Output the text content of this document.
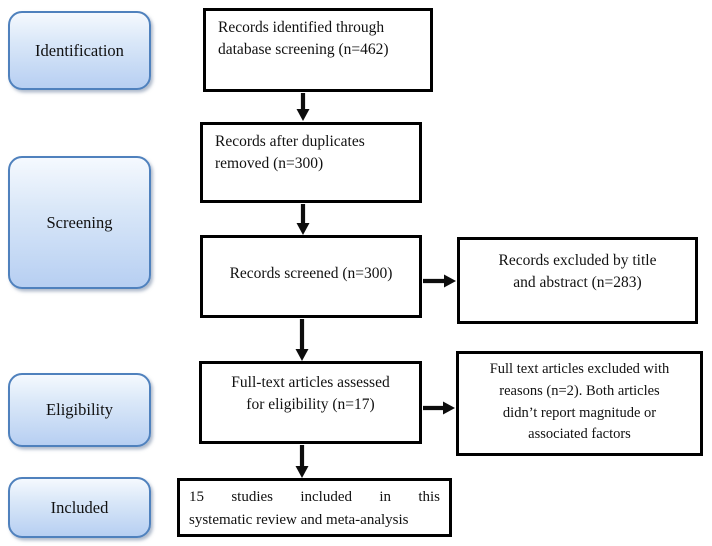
Identification
Screening
Eligibility
Included
Records identified through
database screening (n=462)
Records after duplicates
removed (n=300)
Records screened (n=300)
Full-text articles assessed
for eligibility (n=17)
15 studies included in this
systematic review and meta-analysis
Records excluded by title
and abstract (n=283)
Full text articles excluded with
reasons (n=2). Both articles
didn’t report magnitude or
associated factors
